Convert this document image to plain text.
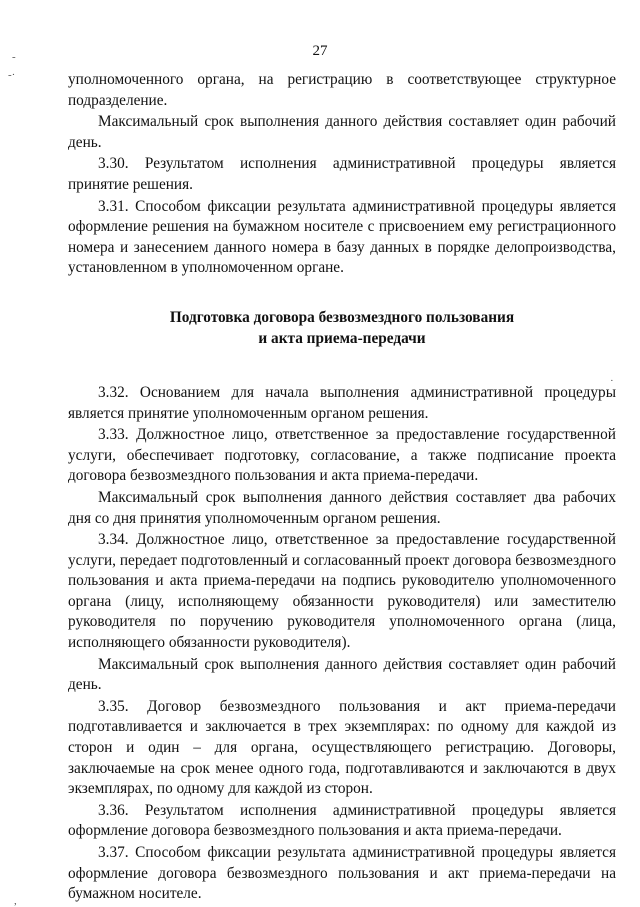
-
-·
·
,
27

уполномоченного органа, на регистрацию в соответствующее структурное подразделение.

Максимальный срок выполнения данного действия составляет один рабочий день.

3.30. Результатом исполнения административной процедуры является принятие решения.

3.31. Способом фиксации результата административной процедуры является оформление решения на бумажном носителе с присвоением ему регистрационного номера и занесением данного номера в базу данных в порядке делопроизводства, установленном в уполномоченном органе.

Подготовка договора безвозмездного пользования
и акта приема-передачи

3.32. Основанием для начала выполнения административной процедуры является принятие уполномоченным органом решения.

3.33. Должностное лицо, ответственное за предоставление государственной услуги, обеспечивает подготовку, согласование, а также подписание проекта договора безвозмездного пользования и акта приема-передачи.

Максимальный срок выполнения данного действия составляет два рабочих дня со дня принятия уполномоченным органом решения.

3.34. Должностное лицо, ответственное за предоставление государственной услуги, передает подготовленный и согласованный проект договора безвозмездного пользования и акта приема-передачи на подпись руководителю уполномоченного органа (лицу, исполняющему обязанности руководителя) или заместителю руководителя по поручению руководителя уполномоченного органа (лица, исполняющего обязанности руководителя).

Максимальный срок выполнения данного действия составляет один рабочий день.

3.35. Договор безвозмездного пользования и акт приема-передачи подготавливается и заключается в трех экземплярах: по одному для каждой из сторон и один – для органа, осуществляющего регистрацию. Договоры, заключаемые на срок менее одного года, подготавливаются и заключаются в двух экземплярах, по одному для каждой из сторон.

3.36. Результатом исполнения административной процедуры является оформление договора безвозмездного пользования и акта приема-передачи.

3.37. Способом фиксации результата административной процедуры является оформление договора безвозмездного пользования и акт приема-передачи на бумажном носителе.
